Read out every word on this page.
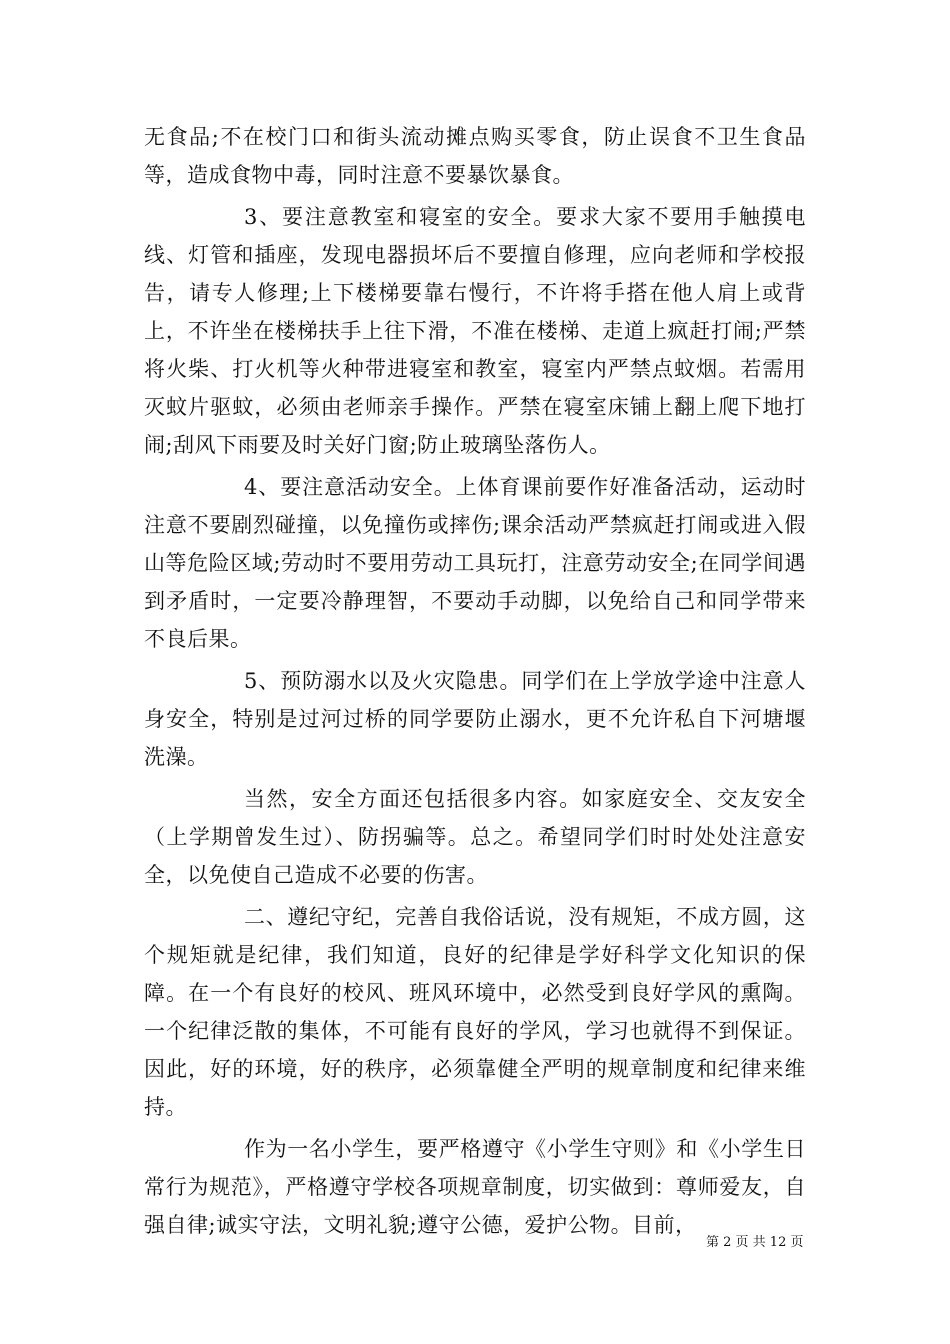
无食品;不在校门口和街头流动摊点购买零食，防止误食不卫生食品等，造成食物中毒，同时注意不要暴饮暴食。

3、要注意教室和寝室的安全。要求大家不要用手触摸电线、灯管和插座，发现电器损坏后不要擅自修理，应向老师和学校报告，请专人修理;上下楼梯要靠右慢行，不许将手搭在他人肩上或背上，不许坐在楼梯扶手上往下滑，不准在楼梯、走道上疯赶打闹;严禁将火柴、打火机等火种带进寝室和教室，寝室内严禁点蚊烟。若需用灭蚊片驱蚊，必须由老师亲手操作。严禁在寝室床铺上翻上爬下地打闹;刮风下雨要及时关好门窗;防止玻璃坠落伤人。

4、要注意活动安全。上体育课前要作好准备活动，运动时注意不要剧烈碰撞，以免撞伤或摔伤;课余活动严禁疯赶打闹或进入假山等危险区域;劳动时不要用劳动工具玩打，注意劳动安全;在同学间遇到矛盾时，一定要冷静理智，不要动手动脚，以免给自己和同学带来不良后果。

5、预防溺水以及火灾隐患。同学们在上学放学途中注意人身安全，特别是过河过桥的同学要防止溺水，更不允许私自下河塘堰洗澡。

当然，安全方面还包括很多内容。如家庭安全、交友安全（上学期曾发生过）、防拐骗等。总之。希望同学们时时处处注意安全，以免使自己造成不必要的伤害。

二、遵纪守纪，完善自我俗话说，没有规矩，不成方圆，这个规矩就是纪律，我们知道，良好的纪律是学好科学文化知识的保障。在一个有良好的校风、班风环境中，必然受到良好学风的熏陶。一个纪律泛散的集体，不可能有良好的学风，学习也就得不到保证。因此，好的环境，好的秩序，必须靠健全严明的规章制度和纪律来维持。

作为一名小学生，要严格遵守《小学生守则》和《小学生日常行为规范》，严格遵守学校各项规章制度，切实做到：尊师爱友，自强自律;诚实守法，文明礼貌;遵守公德，爱护公物。目前，

第 2 页 共 12 页
